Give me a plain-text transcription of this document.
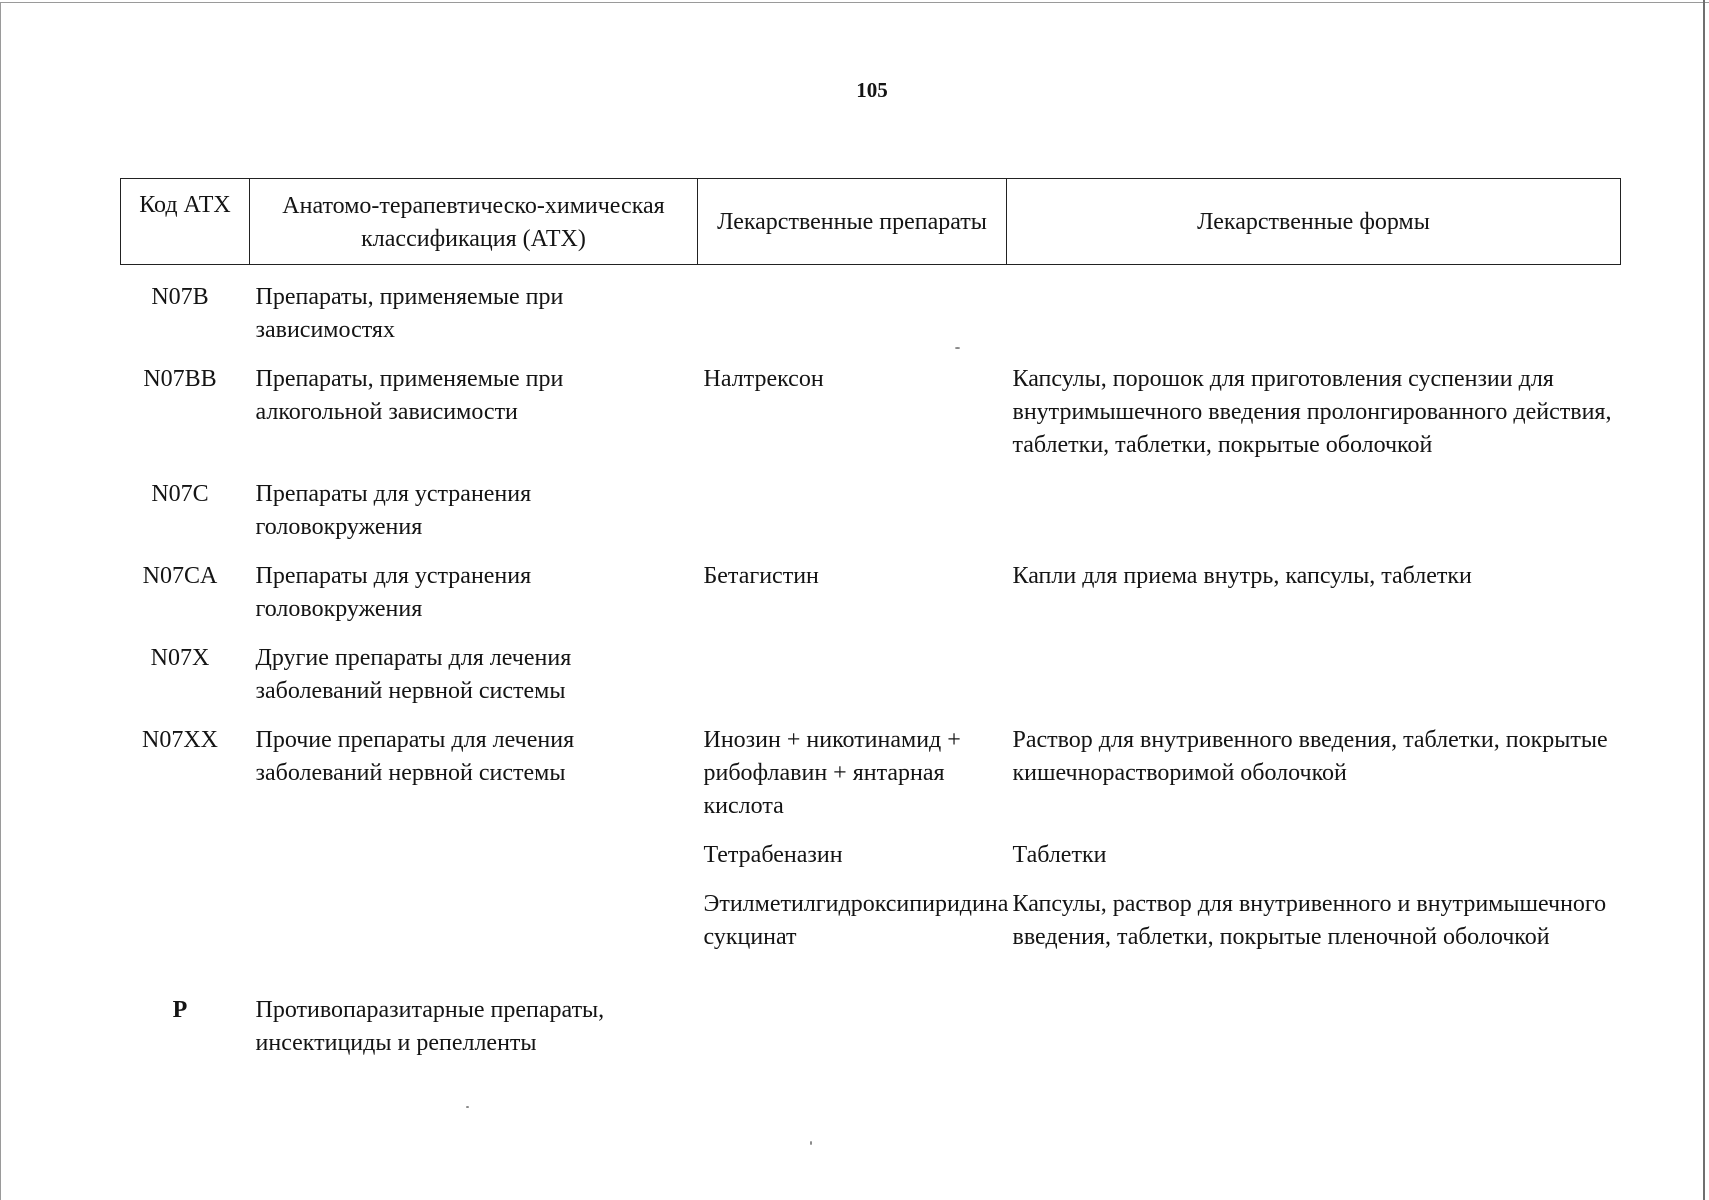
105
Код АТХ	Анатомо-терапевтическо-химическая классификация (АТХ)	Лекарственные препараты	Лекарственные формы
N07B	Препараты, применяемые при зависимостях		
N07BB	Препараты, применяемые при алкогольной зависимости	Налтрексон	Капсулы, порошок для приготовления суспензии для внутримышечного введения пролонгированного действия, таблетки, таблетки, покрытые оболочкой
N07C	Препараты для устранения головокружения		
N07CA	Препараты для устранения головокружения	Бетагистин	Капли для приема внутрь, капсулы, таблетки
N07X	Другие препараты для лечения заболеваний нервной системы		
N07XX	Прочие препараты для лечения заболеваний нервной системы	Инозин + никотинамид + рибофлавин + янтарная кислота	Раствор для внутривенного введения, таблетки, покрытые кишечнорастворимой оболочкой
		Тетрабеназин	Таблетки
		Этилметилгидроксипиридина сукцинат	Капсулы, раствор для внутривенного и внутримышечного введения, таблетки, покрытые пленочной оболочкой
P	Противопаразитарные препараты, инсектициды и репелленты		
